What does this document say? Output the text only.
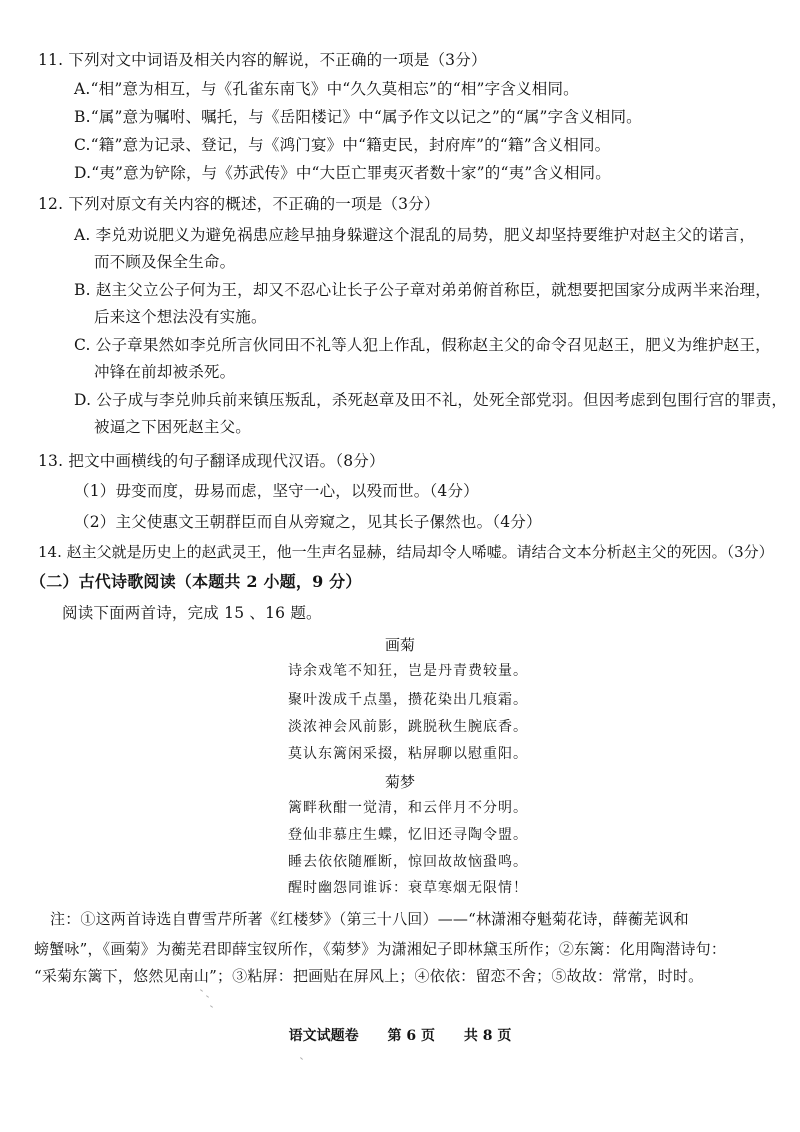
11. 下列对文中词语及相关内容的解说，不正确的一项是（3分）
A.“相”意为相互，与《孔雀东南飞》中“久久莫相忘”的“相”字含义相同。
B.“属”意为嘱咐、嘱托，与《岳阳楼记》中“属予作文以记之”的“属”字含义相同。
C.“籍”意为记录、登记，与《鸿门宴》中“籍吏民，封府库”的“籍”含义相同。
D.“夷”意为铲除，与《苏武传》中“大臣亡罪夷灭者数十家”的“夷”含义相同。
12. 下列对原文有关内容的概述，不正确的一项是（3分）
A. 李兑劝说肥义为避免祸患应趁早抽身躲避这个混乱的局势，肥义却坚持要维护对赵主父的诺言，
而不顾及保全生命。
B. 赵主父立公子何为王，却又不忍心让长子公子章对弟弟俯首称臣，就想要把国家分成两半来治理，
后来这个想法没有实施。
C. 公子章果然如李兑所言伙同田不礼等人犯上作乱，假称赵主父的命令召见赵王，肥义为维护赵王，
冲锋在前却被杀死。
D. 公子成与李兑帅兵前来镇压叛乱，杀死赵章及田不礼，处死全部党羽。但因考虑到包围行宫的罪责，
被逼之下困死赵主父。
13. 把文中画横线的句子翻译成现代汉语。（8分）
（1）毋变而度，毋易而虑，坚守一心，以殁而世。（4分）
（2）主父使惠文王朝群臣而自从旁窥之，见其长子傫然也。（4分）
14. 赵主父就是历史上的赵武灵王，他一生声名显赫，结局却令人唏嘘。请结合文本分析赵主父的死因。（3分）
（二）古代诗歌阅读（本题共 2 小题，9 分）
阅读下面两首诗，完成 15 、16 题。
画菊
诗余戏笔不知狂，岂是丹青费较量。
聚叶泼成千点墨，攒花染出几痕霜。
淡浓神会风前影，跳脱秋生腕底香。
莫认东篱闲采掇，粘屏聊以慰重阳。
菊梦
篱畔秋酣一觉清，和云伴月不分明。
登仙非慕庄生蝶，忆旧还寻陶令盟。
睡去依依随雁断，惊回故故恼蛩鸣。
醒时幽怨同谁诉：衰草寒烟无限情！
注：①这两首诗选自曹雪芹所著《红楼梦》（第三十八回）——“林潇湘夺魁菊花诗，薛蘅芜讽和
螃蟹咏”，《画菊》为蘅芜君即薛宝钗所作，《菊梦》为潇湘妃子即林黛玉所作；②东篱：化用陶潜诗句：
“采菊东篱下，悠然见南山”；③粘屏：把画贴在屏风上；④依依：留恋不舍；⑤故故：常常，时时。
语文试题卷 第 6 页 共 8 页
